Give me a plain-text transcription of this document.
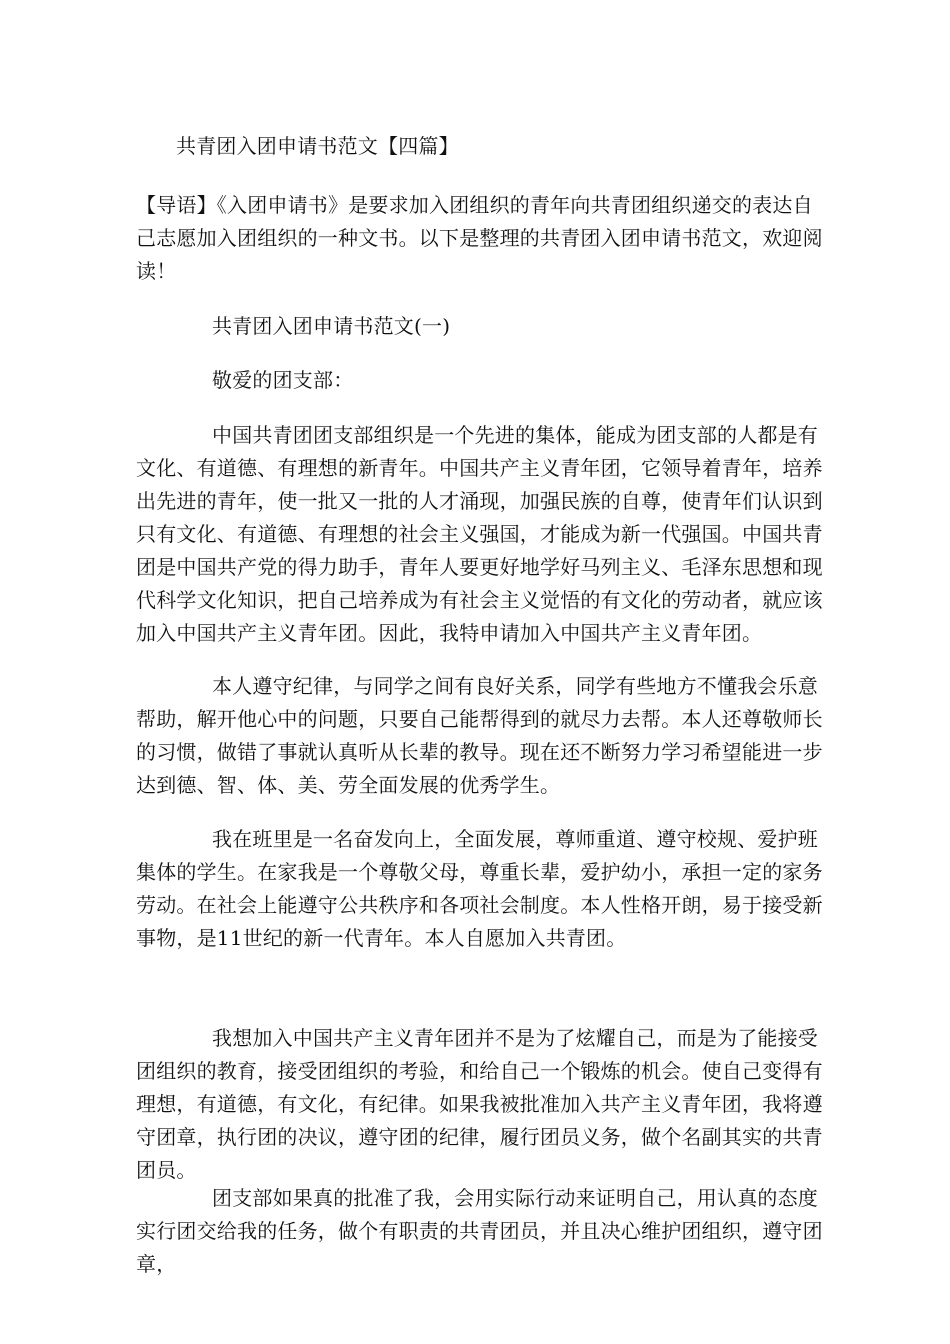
共青团入团申请书范文【四篇】

【导语】《入团申请书》是要求加入团组织的青年向共青团组织递交的表达自己志愿加入团组织的一种文书。以下是整理的共青团入团申请书范文，欢迎阅读！

共青团入团申请书范文(一)

敬爱的团支部：

中国共青团团支部组织是一个先进的集体，能成为团支部的人都是有文化、有道德、有理想的新青年。中国共产主义青年团，它领导着青年，培养出先进的青年，使一批又一批的人才涌现，加强民族的自尊，使青年们认识到只有文化、有道德、有理想的社会主义强国，才能成为新一代强国。中国共青团是中国共产党的得力助手，青年人要更好地学好马列主义、毛泽东思想和现代科学文化知识，把自己培养成为有社会主义觉悟的有文化的劳动者，就应该加入中国共产主义青年团。因此，我特申请加入中国共产主义青年团。

本人遵守纪律，与同学之间有良好关系，同学有些地方不懂我会乐意帮助，解开他心中的问题，只要自己能帮得到的就尽力去帮。本人还尊敬师长的习惯，做错了事就认真听从长辈的教导。现在还不断努力学习希望能进一步达到德、智、体、美、劳全面发展的优秀学生。

我在班里是一名奋发向上，全面发展，尊师重道、遵守校规、爱护班集体的学生。在家我是一个尊敬父母，尊重长辈，爱护幼小，承担一定的家务劳动。在社会上能遵守公共秩序和各项社会制度。本人性格开朗，易于接受新事物，是11世纪的新一代青年。本人自愿加入共青团。

我想加入中国共产主义青年团并不是为了炫耀自己，而是为了能接受团组织的教育，接受团组织的考验，和给自己一个锻炼的机会。使自己变得有理想，有道德，有文化，有纪律。如果我被批准加入共产主义青年团，我将遵守团章，执行团的决议，遵守团的纪律，履行团员义务，做个名副其实的共青团员。

团支部如果真的批准了我，会用实际行动来证明自己，用认真的态度实行团交给我的任务，做个有职责的共青团员，并且决心维护团组织，遵守团章，
